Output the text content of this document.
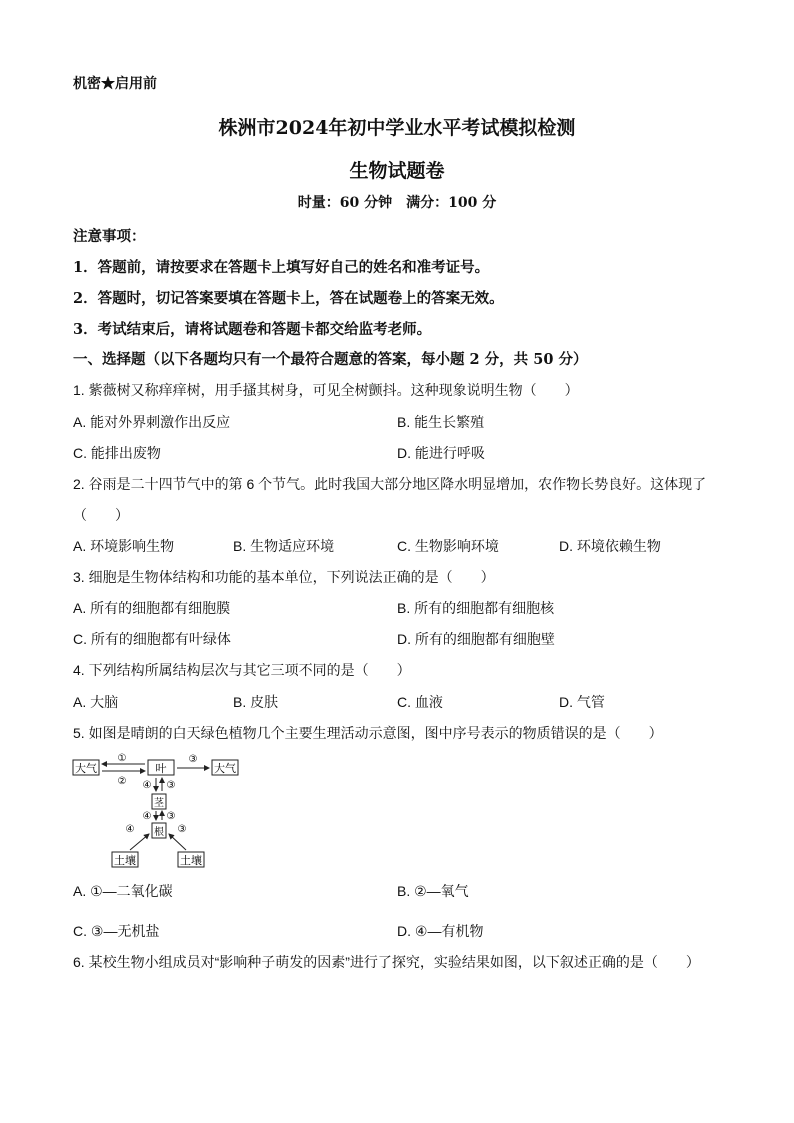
机密★启用前
株洲市2024年初中学业水平考试模拟检测
生物试题卷
时量：60 分钟　满分：100 分
注意事项：
1．答题前，请按要求在答题卡上填写好自己的姓名和准考证号。
2．答题时，切记答案要填在答题卡上，答在试题卷上的答案无效。
3．考试结束后，请将试题卷和答题卡都交给监考老师。
一、选择题（以下各题均只有一个最符合题意的答案，每小题 2 分，共 50 分）
1. 紫薇树又称痒痒树，用手搔其树身，可见全树颤抖。这种现象说明生物（　　）
A. 能对外界刺激作出反应	B. 能生长繁殖
C. 能排出废物	D. 能进行呼吸
2. 谷雨是二十四节气中的第 6 个节气。此时我国大部分地区降水明显增加，农作物长势良好。这体现了
（　　）
A. 环境影响生物	B. 生物适应环境	C. 生物影响环境	D. 环境依赖生物
3. 细胞是生物体结构和功能的基本单位，下列说法正确的是（　　）
A. 所有的细胞都有细胞膜	B. 所有的细胞都有细胞核
C. 所有的细胞都有叶绿体	D. 所有的细胞都有细胞壁
4. 下列结构所属结构层次与其它三项不同的是（　　）
A. 大脑	B. 皮肤	C. 血液	D. 气管
5. 如图是晴朗的白天绿色植物几个主要生理活动示意图，图中序号表示的物质错误的是（　　）
大气	叶	大气
茎
根
土壤	土壤
①
②
③
④ ③
④ ③
④	③
A. ①—二氧化碳	B. ②—氧气
C. ③—无机盐	D. ④—有机物
6. 某校生物小组成员对“影响种子萌发的因素”进行了探究，实验结果如图，以下叙述正确的是（　　）
